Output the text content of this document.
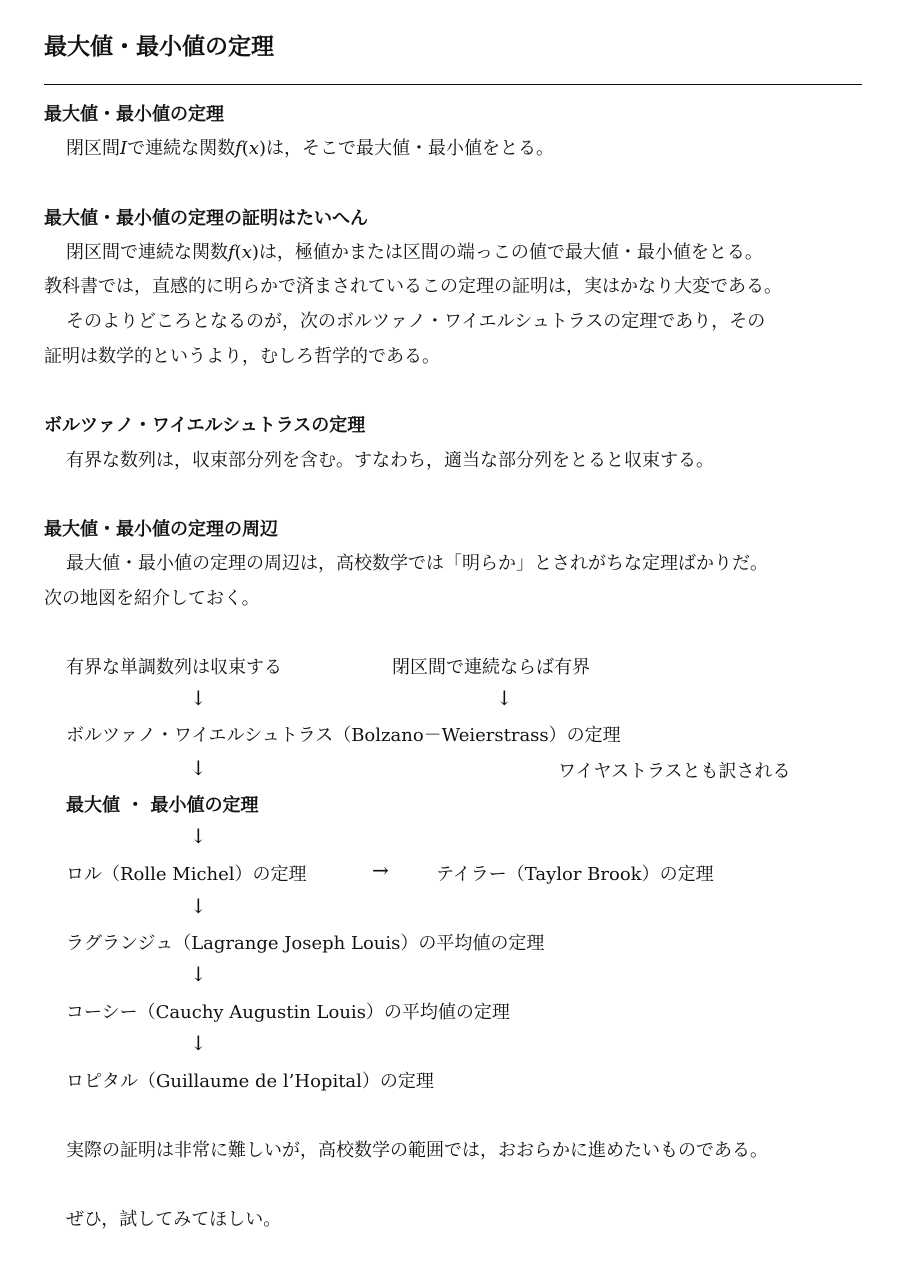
最大値・最小値の定理
最大値・最小値の定理
閉区間Iで連続な関数f(x)は，そこで最大値・最小値をとる。
最大値・最小値の定理の証明はたいへん
閉区間で連続な関数f(x)は，極値かまたは区間の端っこの値で最大値・最小値をとる。
教科書では，直感的に明らかで済まされているこの定理の証明は，実はかなり大変である。
そのよりどころとなるのが，次のボルツァノ・ワイエルシュトラスの定理であり，その
証明は数学的というより，むしろ哲学的である。
ボルツァノ・ワイエルシュトラスの定理
有界な数列は，収束部分列を含む。すなわち，適当な部分列をとると収束する。
最大値・最小値の定理の周辺
最大値・最小値の定理の周辺は，高校数学では「明らか」とされがちな定理ばかりだ。
次の地図を紹介しておく。
有界な単調数列は収束する	閉区間で連続ならば有界
↓	↓
ボルツァノ・ワイエルシュトラス（Bolzano－Weierstrass）の定理
↓	ワイヤストラスとも訳される
最大値 ・ 最小値の定理
↓
ロル（Rolle Michel）の定理	→	テイラー（Taylor Brook）の定理
↓
ラグランジュ（Lagrange Joseph Louis）の平均値の定理
↓
コーシー（Cauchy Augustin Louis）の平均値の定理
↓
ロピタル（Guillaume de l’Hopital）の定理
実際の証明は非常に難しいが，高校数学の範囲では，おおらかに進めたいものである。
ぜひ，試してみてほしい。
